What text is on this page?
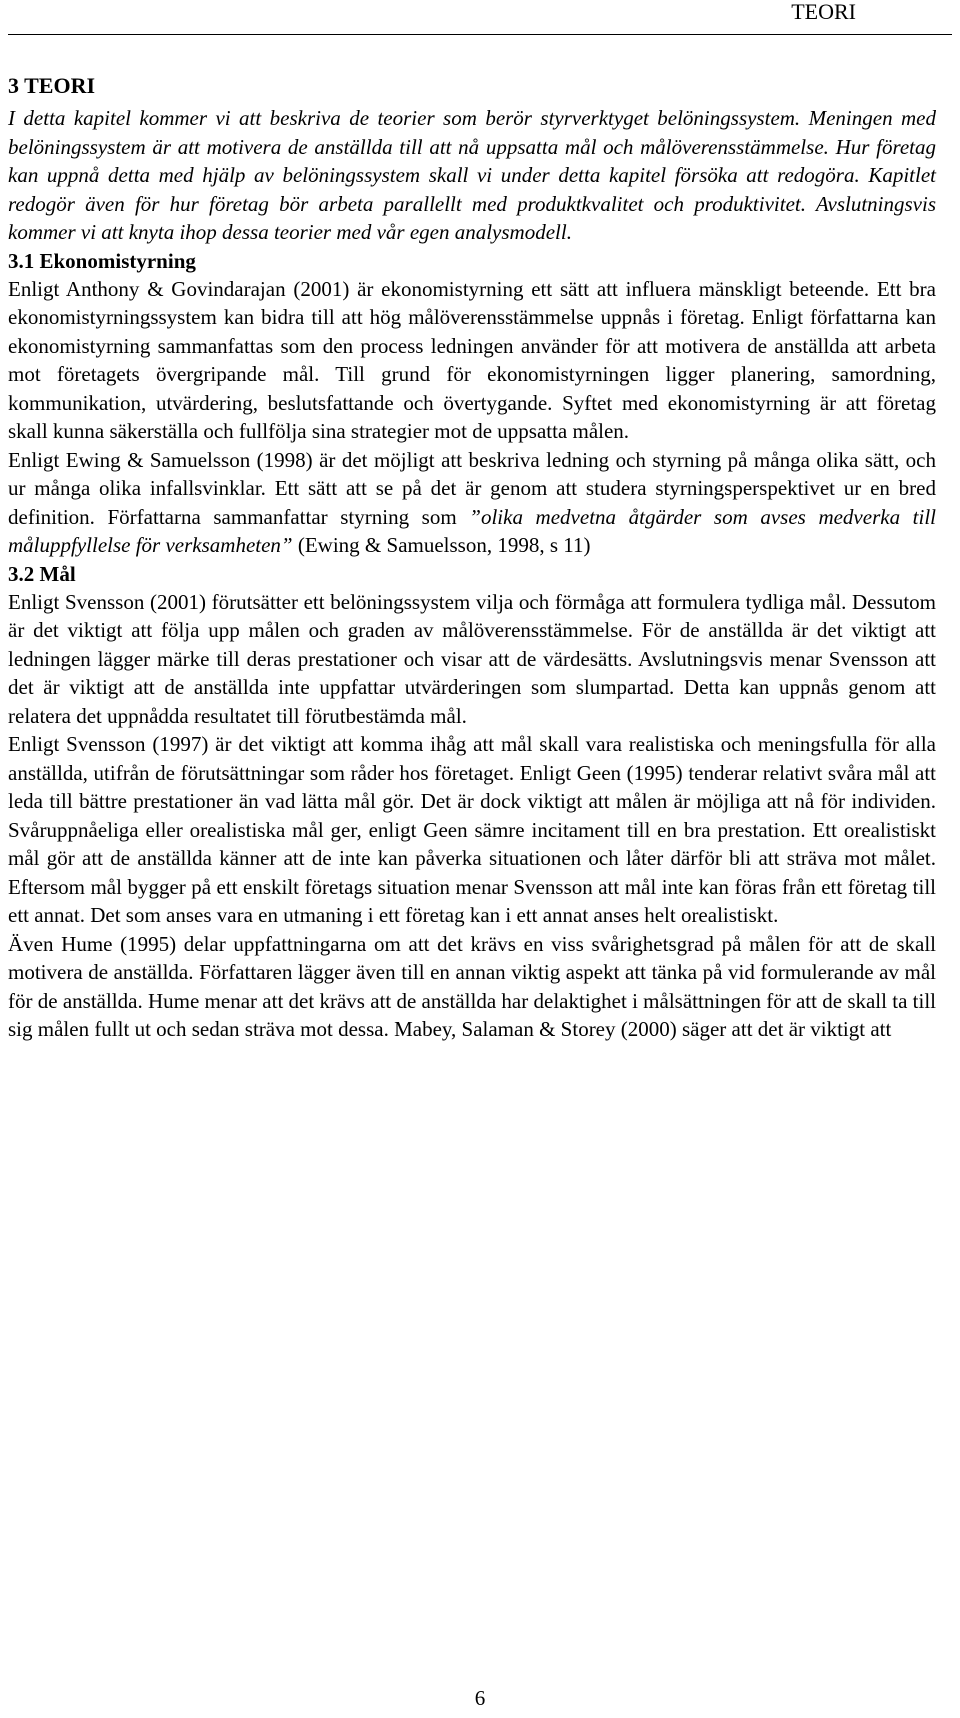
TEORI
3 TEORI

I detta kapitel kommer vi att beskriva de teorier som berör styrverktyget belöningssystem. Meningen med belöningssystem är att motivera de anställda till att nå uppsatta mål och målöverensstämmelse. Hur företag kan uppnå detta med hjälp av belöningssystem skall vi under detta kapitel försöka att redogöra. Kapitlet redogör även för hur företag bör arbeta parallellt med produktkvalitet och produktivitet. Avslutningsvis kommer vi att knyta ihop dessa teorier med vår egen analysmodell.

3.1 Ekonomistyrning

Enligt Anthony & Govindarajan (2001) är ekonomistyrning ett sätt att influera mänskligt beteende. Ett bra ekonomistyrningssystem kan bidra till att hög målöverensstämmelse uppnås i företag. Enligt författarna kan ekonomistyrning sammanfattas som den process ledningen använder för att motivera de anställda att arbeta mot företagets övergripande mål. Till grund för ekonomistyrningen ligger planering, samordning, kommunikation, utvärdering, beslutsfattande och övertygande. Syftet med ekonomistyrning är att företag skall kunna säkerställa och fullfölja sina strategier mot de uppsatta målen.

Enligt Ewing & Samuelsson (1998) är det möjligt att beskriva ledning och styrning på många olika sätt, och ur många olika infallsvinklar. Ett sätt att se på det är genom att studera styrningsperspektivet ur en bred definition. Författarna sammanfattar styrning som ”olika medvetna åtgärder som avses medverka till måluppfyllelse för verksamheten” (Ewing & Samuelsson, 1998, s 11)

3.2 Mål

Enligt Svensson (2001) förutsätter ett belöningssystem vilja och förmåga att formulera tydliga mål. Dessutom är det viktigt att följa upp målen och graden av målöverensstämmelse. För de anställda är det viktigt att ledningen lägger märke till deras prestationer och visar att de värdesätts. Avslutningsvis menar Svensson att det är viktigt att de anställda inte uppfattar utvärderingen som slumpartad. Detta kan uppnås genom att relatera det uppnådda resultatet till förutbestämda mål.

Enligt Svensson (1997) är det viktigt att komma ihåg att mål skall vara realistiska och meningsfulla för alla anställda, utifrån de förutsättningar som råder hos företaget. Enligt Geen (1995) tenderar relativt svåra mål att leda till bättre prestationer än vad lätta mål gör. Det är dock viktigt att målen är möjliga att nå för individen. Svåruppnåeliga eller orealistiska mål ger, enligt Geen sämre incitament till en bra prestation. Ett orealistiskt mål gör att de anställda känner att de inte kan påverka situationen och låter därför bli att sträva mot målet. Eftersom mål bygger på ett enskilt företags situation menar Svensson att mål inte kan föras från ett företag till ett annat. Det som anses vara en utmaning i ett företag kan i ett annat anses helt orealistiskt.

Även Hume (1995) delar uppfattningarna om att det krävs en viss svårighetsgrad på målen för att de skall motivera de anställda. Författaren lägger även till en annan viktig aspekt att tänka på vid formulerande av mål för de anställda. Hume menar att det krävs att de anställda har delaktighet i målsättningen för att de skall ta till sig målen fullt ut och sedan sträva mot dessa. Mabey, Salaman & Storey (2000) säger att det är viktigt att

6
